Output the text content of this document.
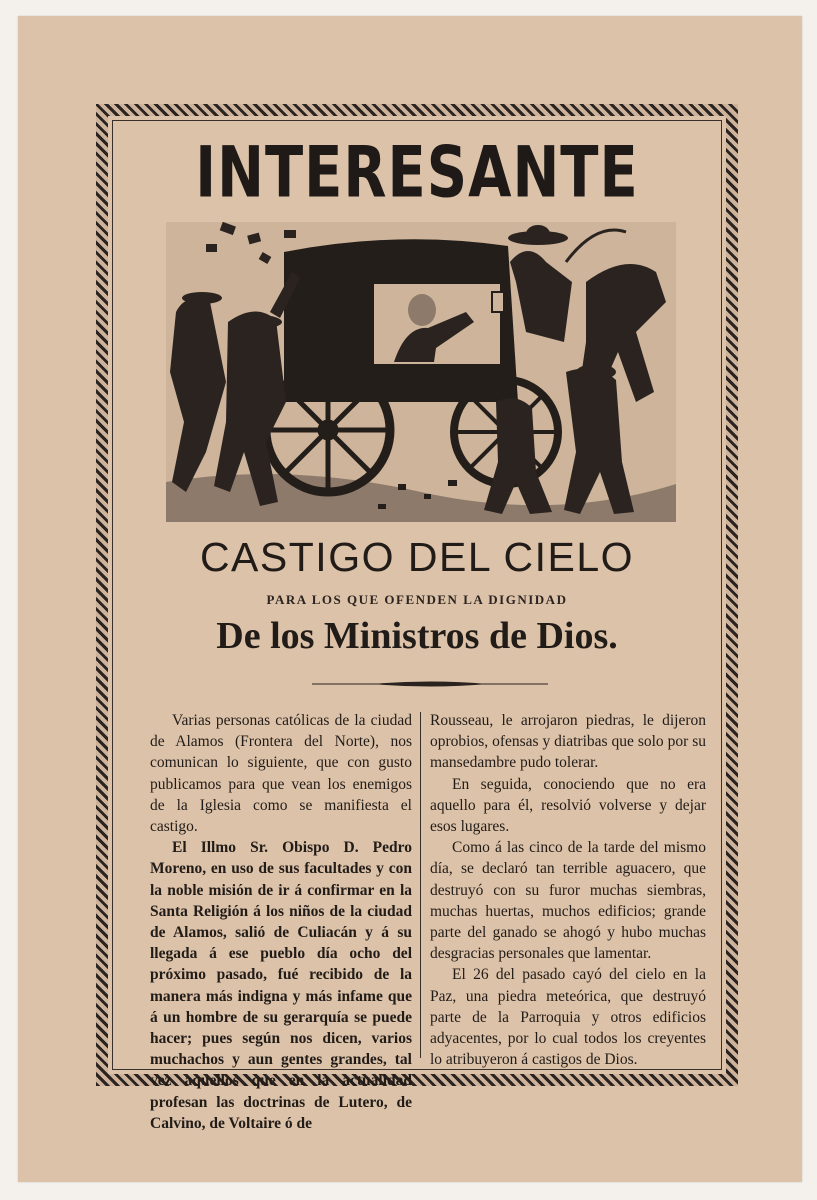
INTERESANTE
CASTIGO DEL CIELO
PARA LOS QUE OFENDEN LA DIGNIDAD
De los Ministros de Dios.

Varias personas católicas de la ciudad de Alamos (Frontera del Norte), nos comunican lo siguiente, que con gusto publicamos para que vean los enemigos de la Iglesia como se manifiesta el castigo.

El Illmo Sr. Obispo D. Pedro Moreno, en uso de sus facultades y con la noble misión de ir á confirmar en la Santa Religión á los niños de la ciudad de Alamos, salió de Culiacán y á su llegada á ese pueblo día ocho del próximo pasado, fué recibido de la manera más indigna y más infame que á un hombre de su gerarquía se puede hacer; pues según nos dicen, varios muchachos y aun gentes grandes, tal vez aquellos que en la actualidad profesan las doctrinas de Lutero, de Calvino, de Voltaire ó de

Rousseau, le arrojaron piedras, le dijeron oprobios, ofensas y diatribas que solo por su mansedambre pudo tolerar.

En seguida, conociendo que no era aquello para él, resolvió volverse y dejar esos lugares.

Como á las cinco de la tarde del mismo día, se declaró tan terrible aguacero, que destruyó con su furor muchas siembras, muchas huertas, muchos edificios; grande parte del ganado se ahogó y hubo muchas desgracias personales que lamentar.

El 26 del pasado cayó del cielo en la Paz, una piedra meteórica, que destruyó parte de la Parroquia y otros edificios adyacentes, por lo cual todos los creyentes lo atribuyeron á castigos de Dios.
